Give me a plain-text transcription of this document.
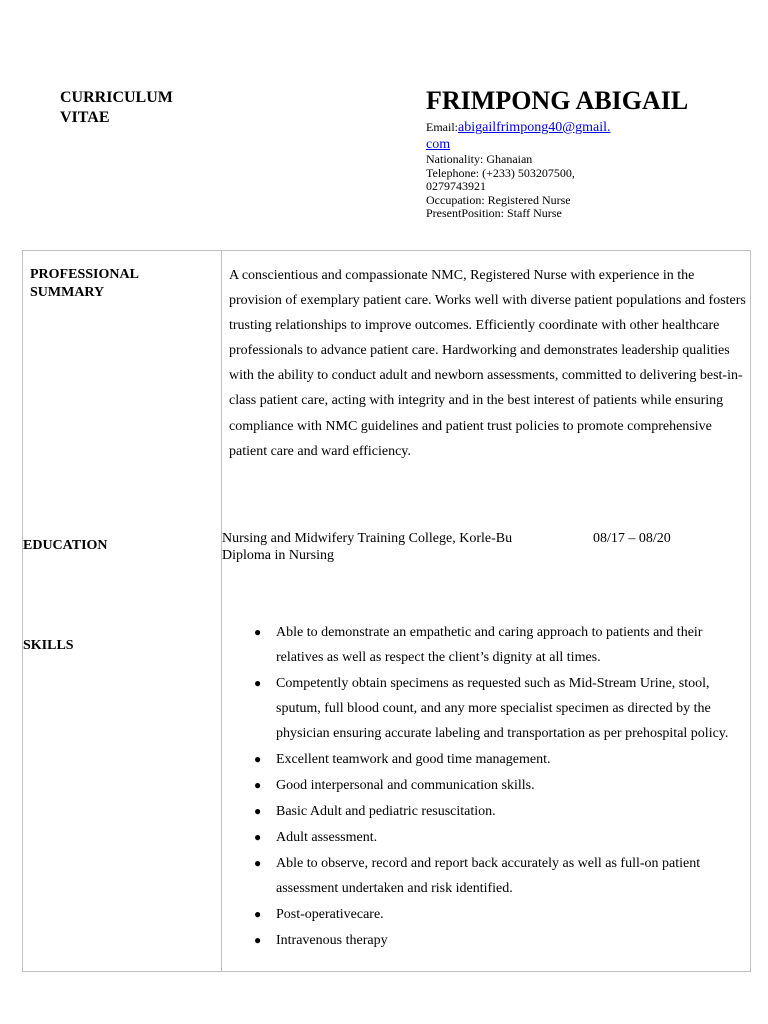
CURRICULUM
VITAE
FRIMPONG ABIGAIL
Email:abigailfrimpong40@gmail.com
Nationality: Ghanaian
Telephone: (+233) 503207500, 0279743921
Occupation: Registered Nurse
PresentPosition: Staff Nurse
PROFESSIONAL
SUMMARY
A conscientious and compassionate NMC, Registered Nurse with experience in the provision of exemplary patient care. Works well with diverse patient populations and fosters trusting relationships to improve outcomes. Efficiently coordinate with other healthcare professionals to advance patient care. Hardworking and demonstrates leadership qualities with the ability to conduct adult and newborn assessments, committed to delivering best-in-class patient care, acting with integrity and in the best interest of patients while ensuring compliance with NMC guidelines and patient trust policies to promote comprehensive patient care and ward efficiency.
EDUCATION	Nursing and Midwifery Training College, Korle-Bu	08/17 – 08/20
Diploma in Nursing
SKILLS
● Able to demonstrate an empathetic and caring approach to patients and their relatives as well as respect the client’s dignity at all times.
● Competently obtain specimens as requested such as Mid-Stream Urine, stool, sputum, full blood count, and any more specialist specimen as directed by the physician ensuring accurate labeling and transportation as per prehospital policy.
● Excellent teamwork and good time management.
● Good interpersonal and communication skills.
● Basic Adult and pediatric resuscitation.
● Adult assessment.
● Able to observe, record and report back accurately as well as full-on patient assessment undertaken and risk identified.
● Post-operativecare.
● Intravenous therapy
